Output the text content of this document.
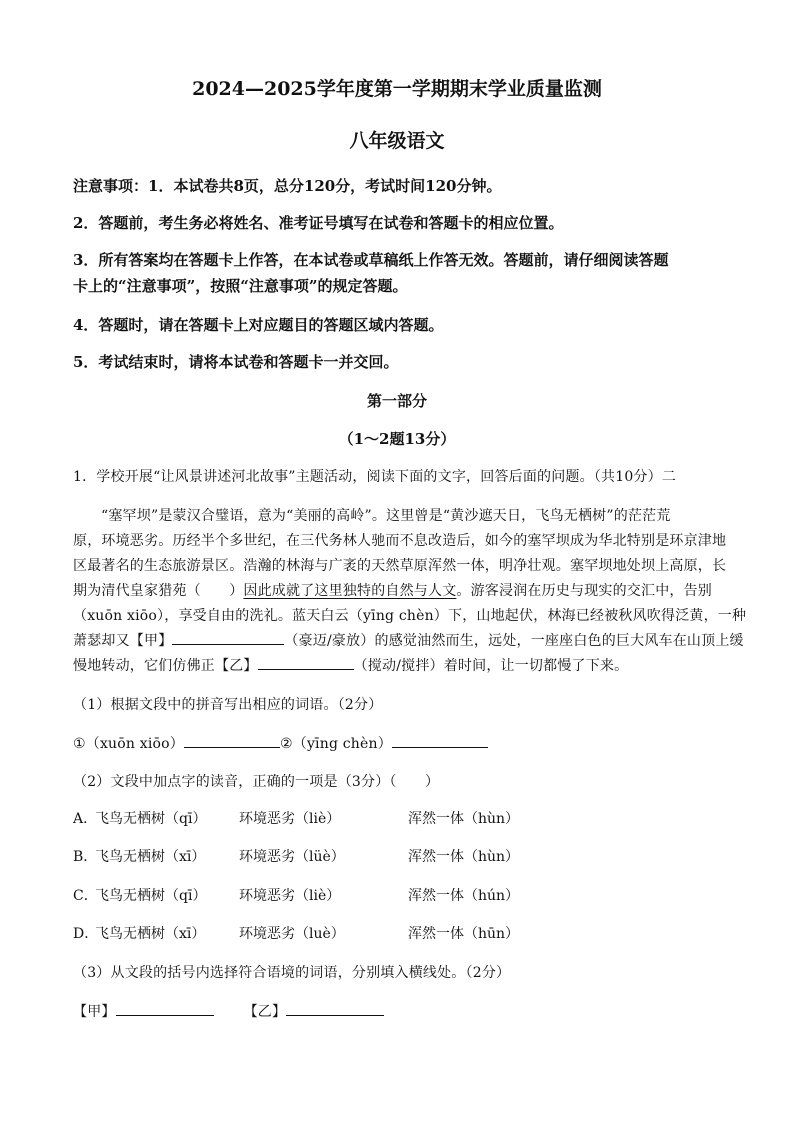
2024—2025学年度第一学期期末学业质量监测
八年级语文
注意事项：1．本试卷共8页，总分120分，考试时间120分钟。
2．答题前，考生务必将姓名、准考证号填写在试卷和答题卡的相应位置。
3．所有答案均在答题卡上作答，在本试卷或草稿纸上作答无效。答题前，请仔细阅读答题
卡上的“注意事项”，按照“注意事项”的规定答题。
4．答题时，请在答题卡上对应题目的答题区域内答题。
5．考试结束时，请将本试卷和答题卡一并交回。
第一部分
（1～2题13分）
1．学校开展“让风景讲述河北故事”主题活动，阅读下面的文字，回答后面的问题。（共10分）二
“塞罕坝”是蒙汉合璧语，意为“美丽的高岭”。这里曾是“黄沙遮天日，飞鸟无栖树”的茫茫荒
原，环境恶劣。历经半个多世纪，在三代务林人驰而不息改造后，如今的塞罕坝成为华北特别是环京津地
区最著名的生态旅游景区。浩瀚的林海与广袤的天然草原浑然一体，明净壮观。塞罕坝地处坝上高原，长
期为清代皇家猎苑（　　）因此成就了这里独特的自然与人文。游客浸润在历史与现实的交汇中，告别
（xuōn xiōo），享受自由的洗礼。蓝天白云（yīng chèn）下，山地起伏，林海已经被秋风吹得泛黄，一种
萧瑟却又【甲】	（豪迈/豪放）的感觉油然而生，远处，一座座白色的巨大风车在山顶上缓
慢地转动，它们仿佛正【乙】	（搅动/搅拌）着时间，让一切都慢了下来。
（1）根据文段中的拼音写出相应的词语。（2分）
①（xuōn xiōo）	②（yīng chèn）
（2）文段中加点字的读音，正确的一项是（3分）（　　）
A．
飞鸟无栖树（qī） 环境恶劣（liè）	浑然一体（hùn）
B．
飞鸟无栖树（xī） 环境恶劣（lüè）	浑然一体（hùn）
C．
飞鸟无栖树（qī） 环境恶劣（liè）	浑然一体（hún）
D．
飞鸟无栖树（xī） 环境恶劣（luè）	浑然一体（hūn）
（3）从文段的括号内选择符合语境的词语，分别填入横线处。（2分）
【甲】	【乙】
